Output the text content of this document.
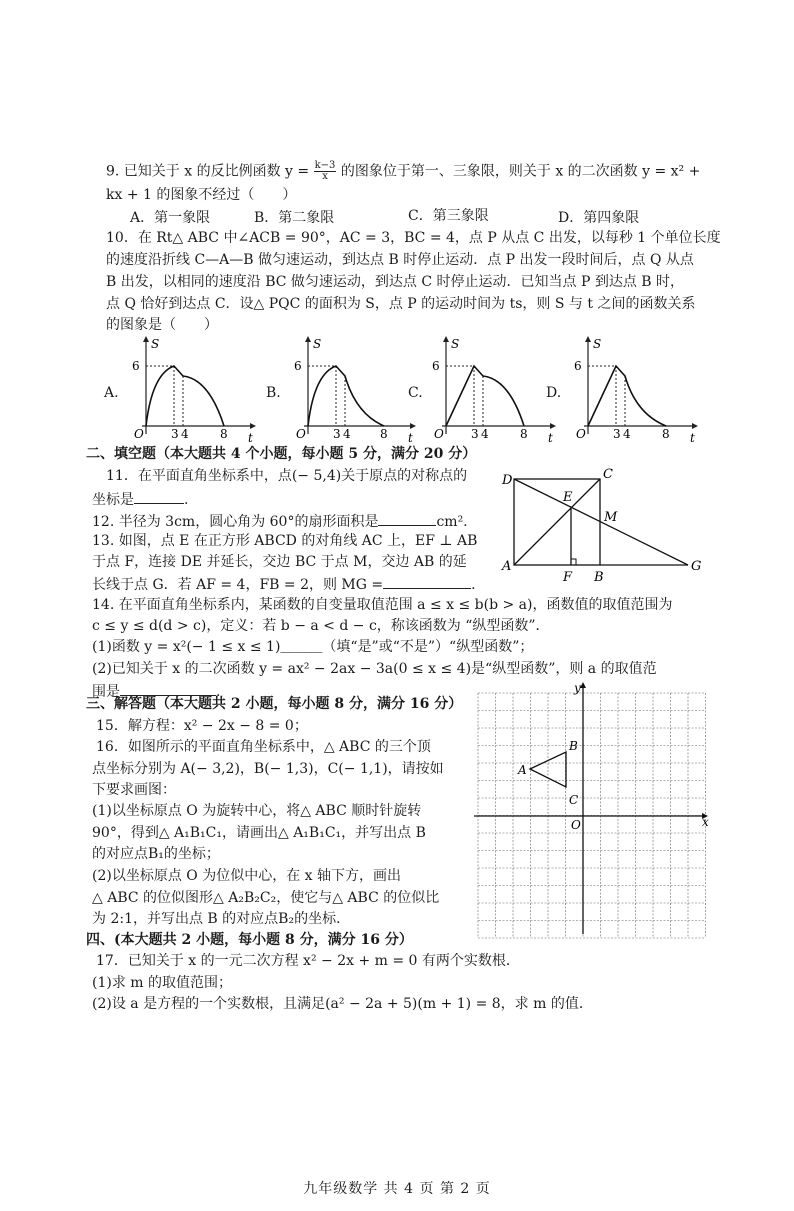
9. 已知关于 x 的反比例函数 $y = \frac{k-3}{x}$ 的图象位于第一、三象限，则关于 x 的二次函数 y = x² +
kx + 1 的图象不经过（　　）
A．第一象限	B．第二象限	C．第三象限	D．第四象限
10．在 Rt△ ABC 中∠ACB = 90°，AC = 3，BC = 4，点 P 从点 C 出发，以每秒 1 个单位长度
的速度沿折线 C—A—B 做匀速运动，到达点 B 时停止运动．点 P 出发一段时间后，点 Q 从点
B 出发，以相同的速度沿 BC 做匀速运动，到达点 C 时停止运动．已知当点 P 到达点 B 时，
点 Q 恰好到达点 C．设△ PQC 的面积为 S，点 P 的运动时间为 ts，则 S 与 t 之间的函数关系
的图象是（　　）
A.
S
t
O
6
3 4	8
B.
S
t
O
6
3 4 8
C.
S
t
O
6
3 4	8
D.
S
t
O
6
3 4	8
二、填空题（本大题共 4 个小题，每小题 5 分，满分 20 分）
11．在平面直角坐标系中，点(− 5,4)关于原点的对称点的
坐标是	.
12. 半径为 3cm，圆心角为 60°的扇形面积是	cm².
13. 如图，点 E 在正方形 ABCD 的对角线 AC 上，EF ⊥ AB
于点 F，连接 DE 并延长，交边 BC 于点 M，交边 AB 的延
长线于点 G．若 AF = 4，FB = 2，则 MG =	.
D	C
E
M
A
F B
G
14. 在平面直角坐标系内，某函数的自变量取值范围 a ≤ x ≤ b(b > a)，函数值的取值范围为
c ≤ y ≤ d(d > c)，定义：若 b − a < d − c，称该函数为 “纵型函数”．
(1)函数 y = x²(− 1 ≤ x ≤ 1)＿＿＿（填“是”或“不是”）“纵型函数”；
(2)已知关于 x 的二次函数 y = ax² − 2ax − 3a(0 ≤ x ≤ 4)是“纵型函数”，则 a 的取值范
围是	.
三、解答题（本大题共 2 小题，每小题 8 分，满分 16 分）
15．解方程：x² − 2x − 8 = 0；
16．如图所示的平面直角坐标系中，△ ABC 的三个顶
点坐标分别为 A(− 3,2)，B(− 1,3)，C(− 1,1)，请按如
下要求画图：
(1)以坐标原点 O 为旋转中心，将△ ABC 顺时针旋转
90°，得到△ A₁B₁C₁，请画出△ A₁B₁C₁，并写出点 B
的对应点B₁的坐标；
(2)以坐标原点 O 为位似中心，在 x 轴下方，画出
△ ABC 的位似图形△ A₂B₂C₂，使它与△ ABC 的位似比
为 2:1，并写出点 B 的对应点B₂的坐标．
x
y
O
A
B
C
四、(本大题共 2 小题，每小题 8 分，满分 16 分）
17．已知关于 x 的一元二次方程 x² − 2x + m = 0 有两个实数根．
(1)求 m 的取值范围；
(2)设 a 是方程的一个实数根，且满足(a² − 2a + 5)(m + 1) = 8，求 m 的值．
九年级数学 共 4 页 第 2 页
